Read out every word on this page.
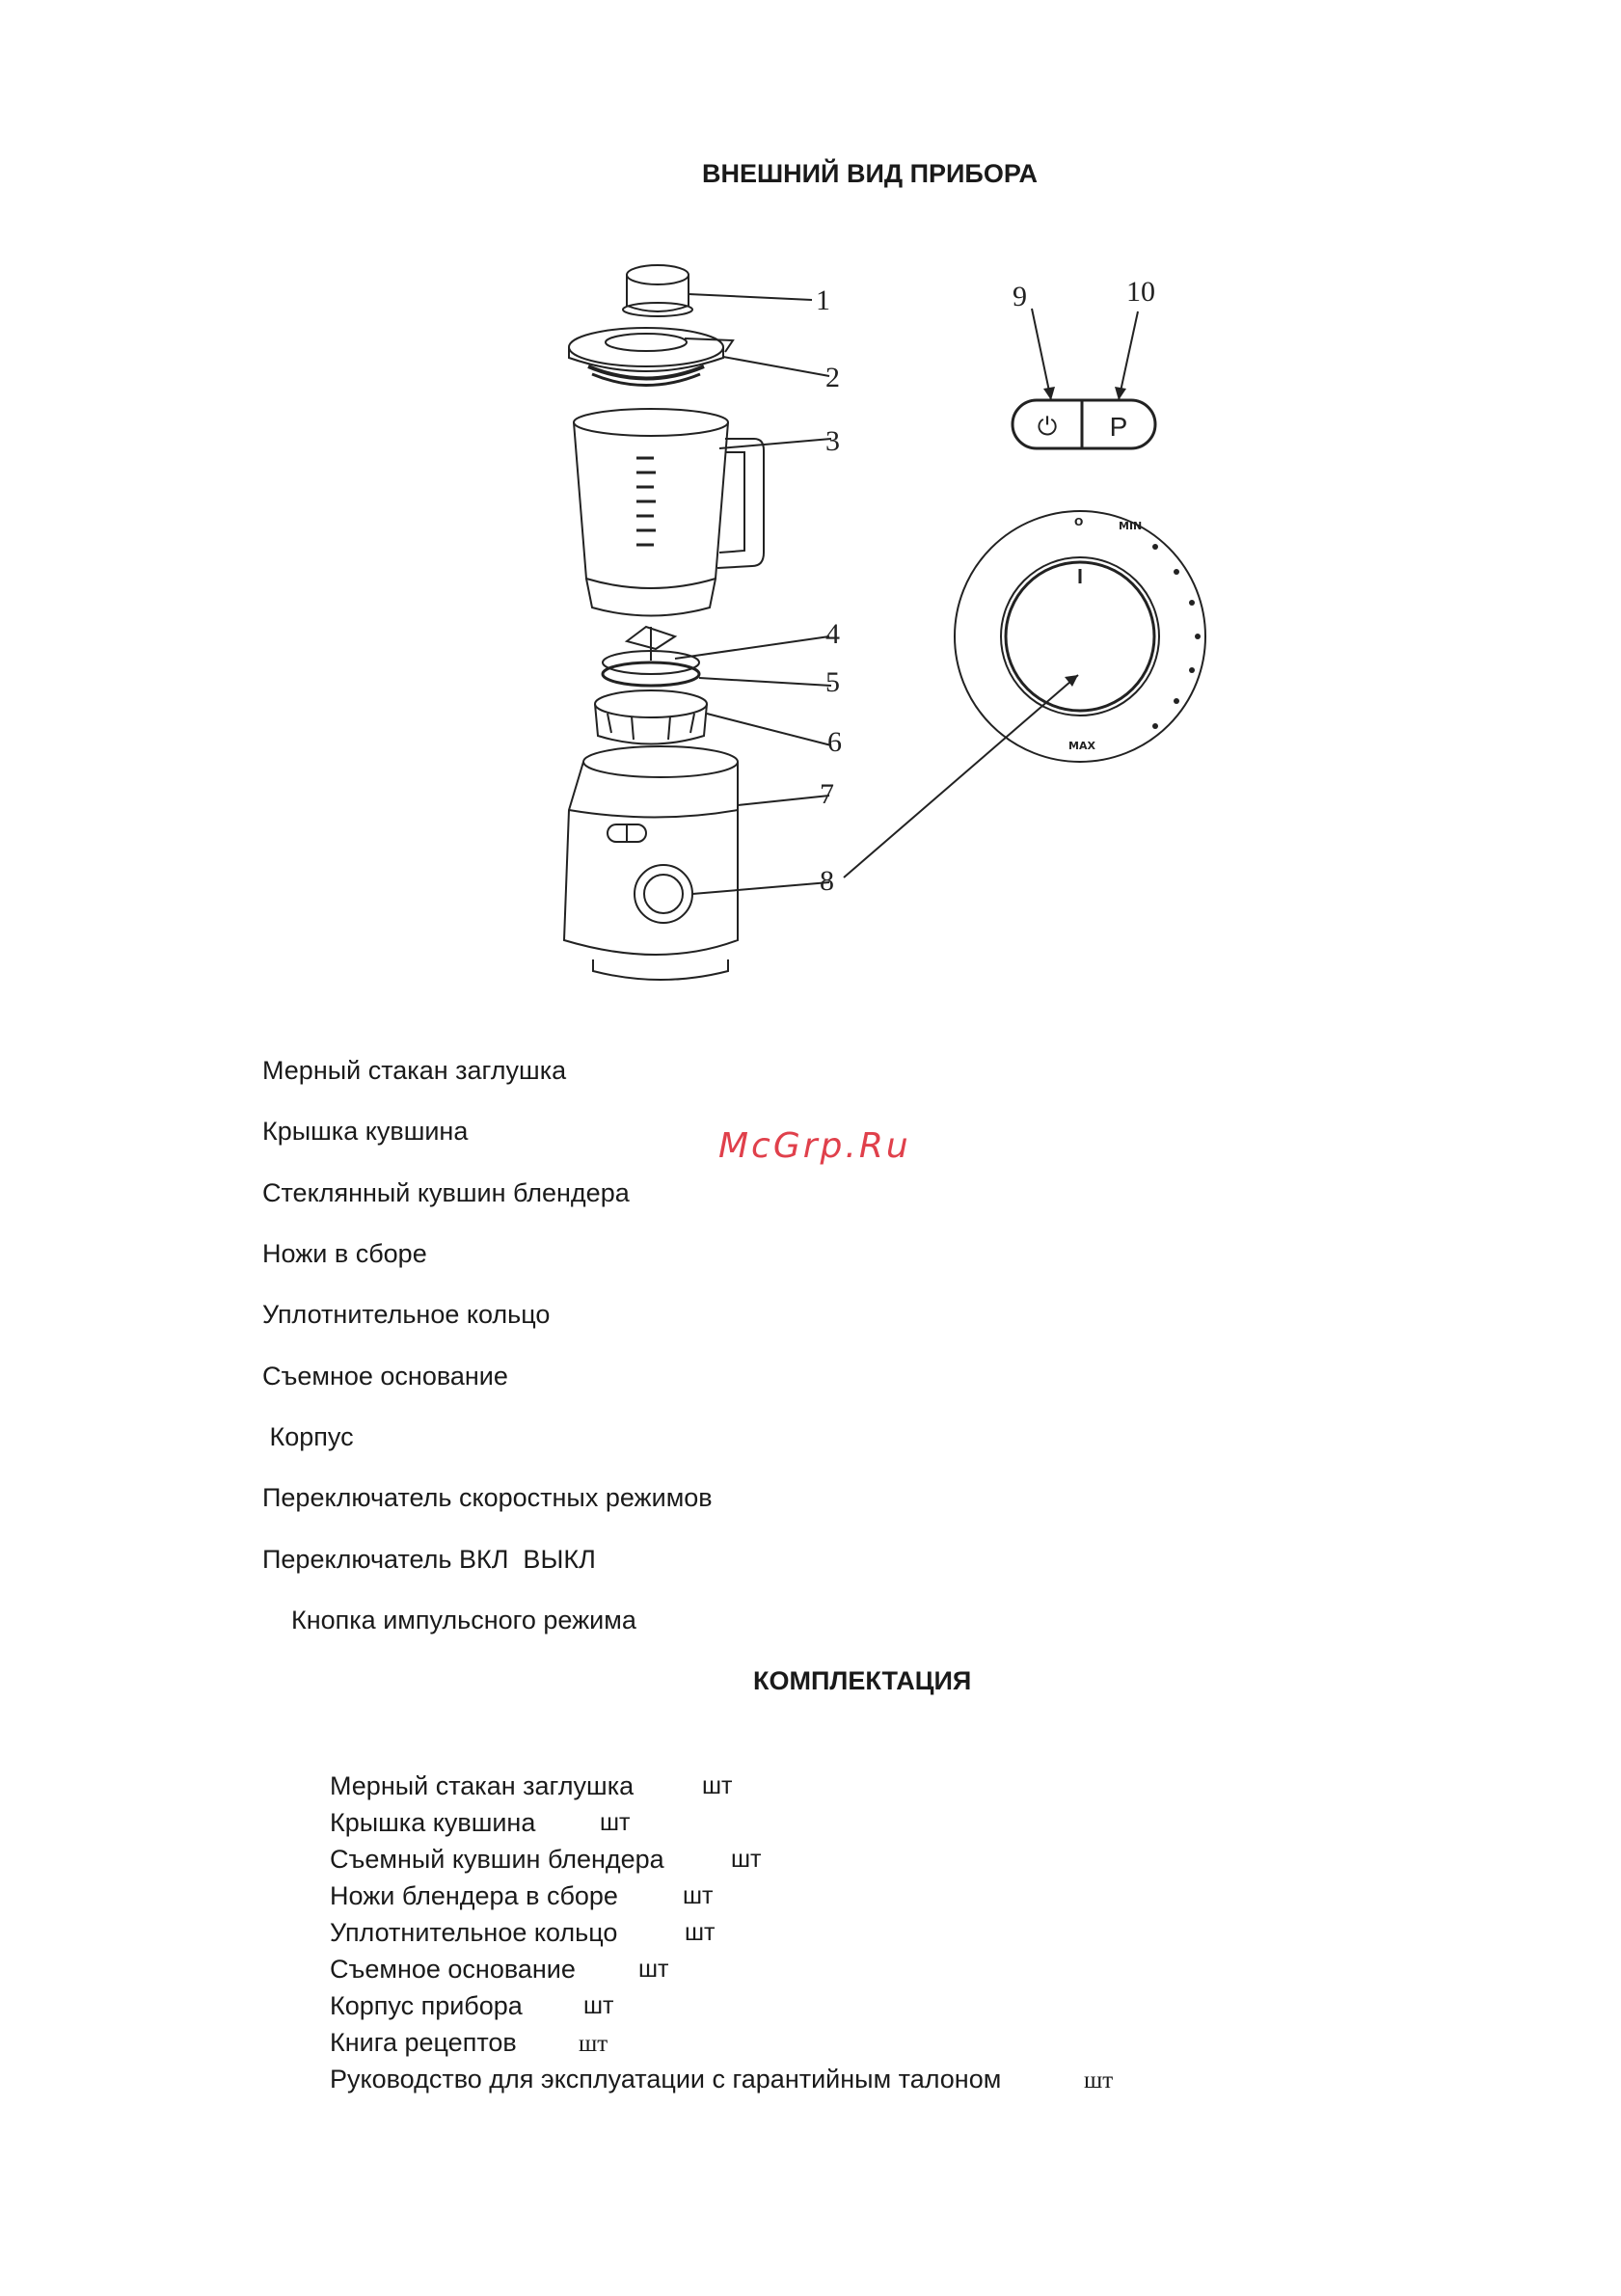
ВНЕШНИЙ ВИД ПРИБОРА
⏻ P
MIN
MAX
O
1
2
3
4
5
6
7
8
9	10
Мерный стакан заглушка
Крышка кувшина
Стеклянный кувшин блендера
Ножи в сборе
Уплотнительное кольцо
Съемное основание
Корпус
Переключатель скоростных режимов
Переключатель ВКЛ  ВЫКЛ
Кнопка импульсного режима
McGrp.Ru
КОМПЛЕКТАЦИЯ
Мерный стакан заглушка	шт
Крышка кувшина	шт
Съемный кувшин блендера	шт
Ножи блендера в сборе	шт
Уплотнительное кольцо	шт
Съемное основание	шт
Корпус прибора	шт
Книга рецептов	шт
Руководство для эксплуатации с гарантийным талоном	шт
